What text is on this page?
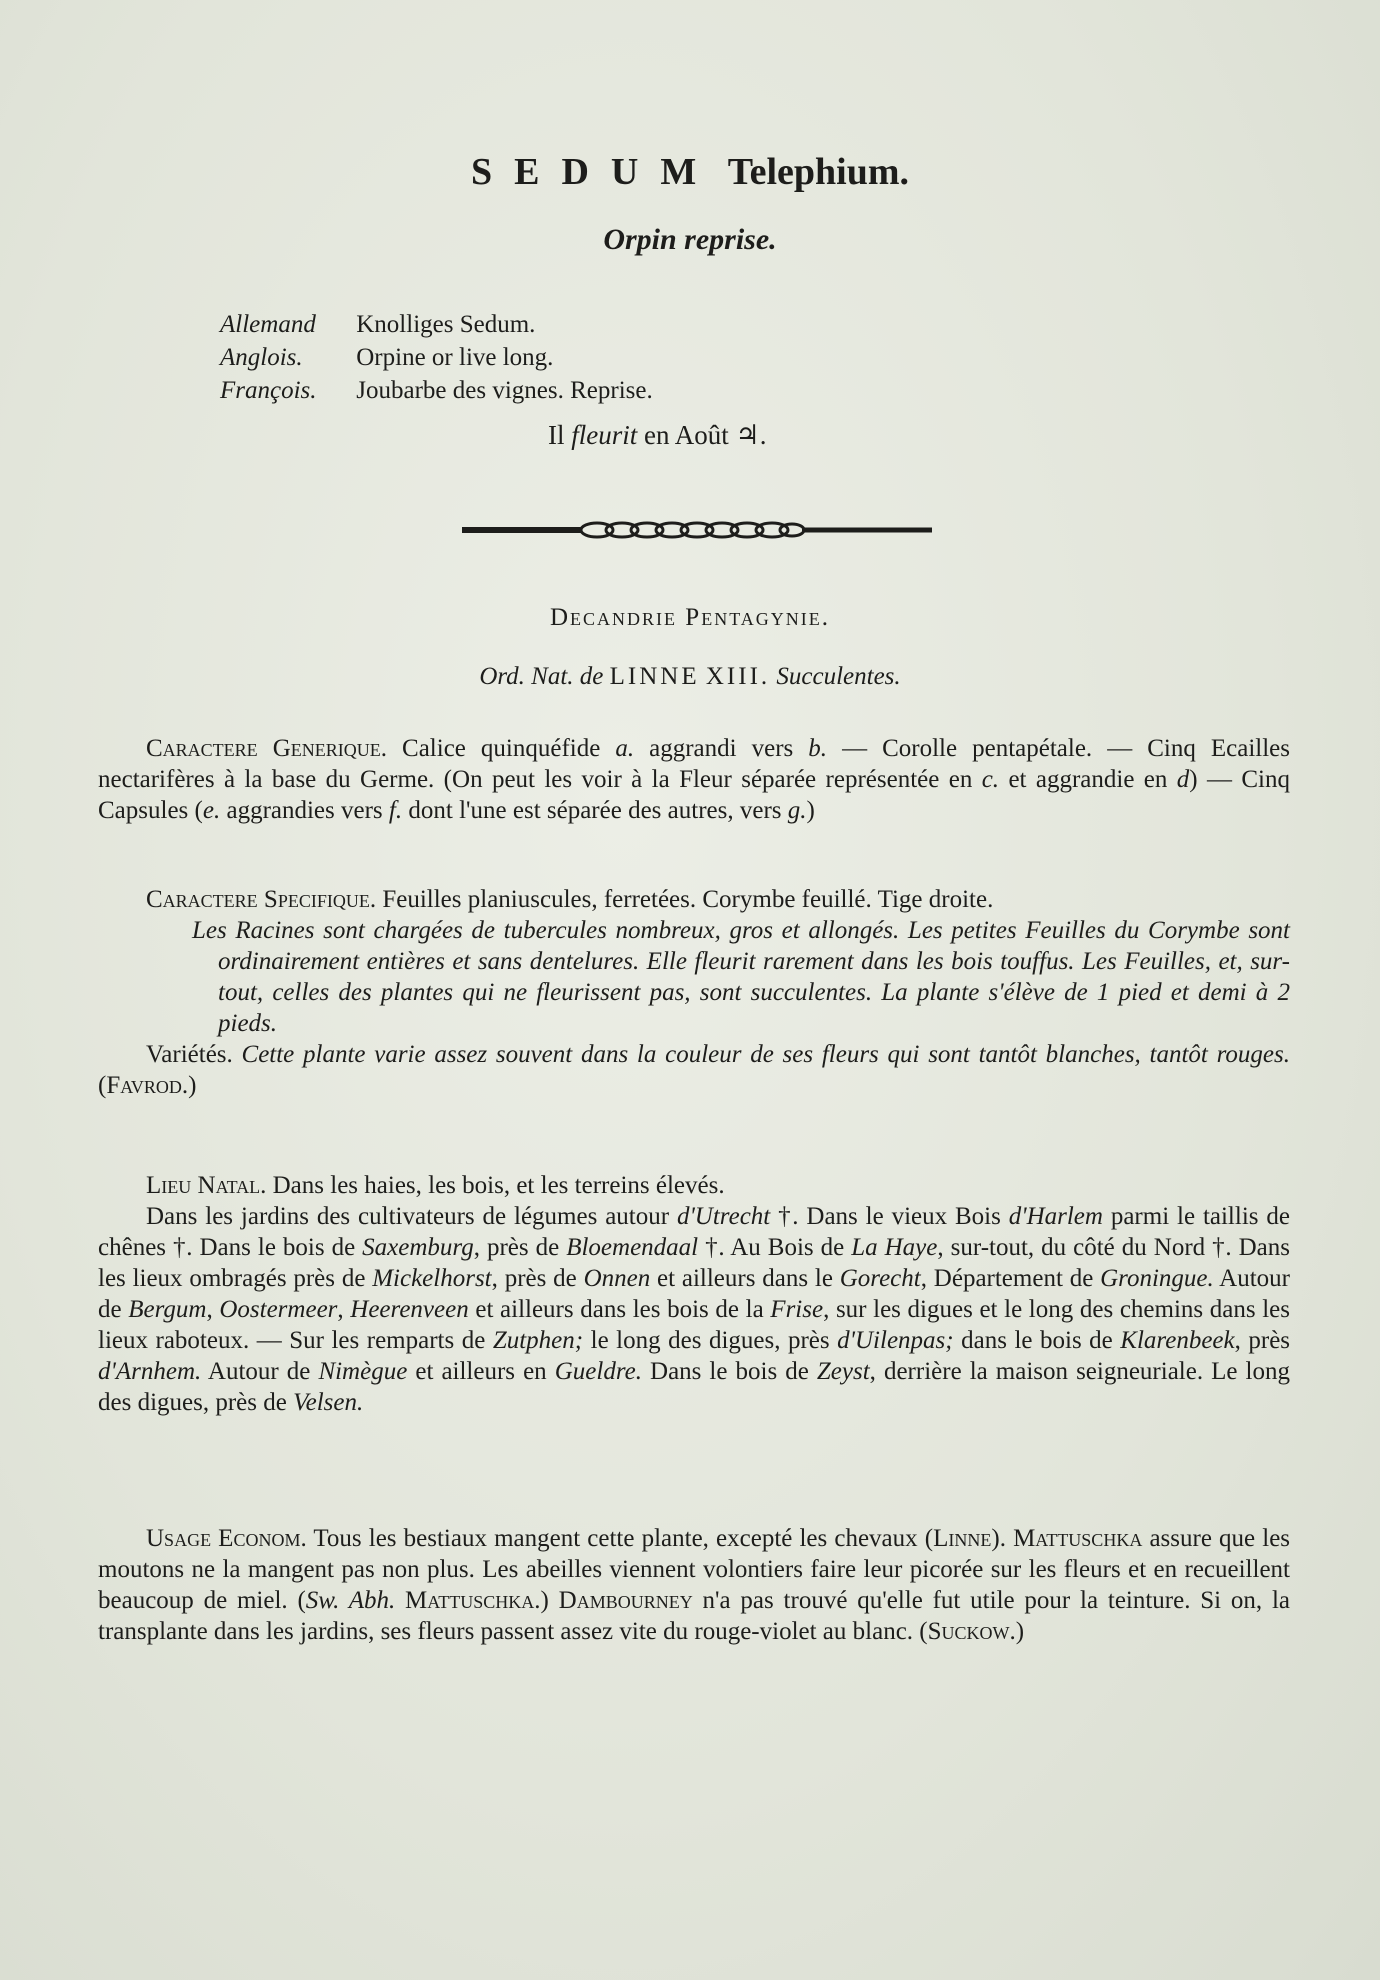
SEDUM Telephium.
Orpin reprise.
Allemand Knolliges Sedum.
Anglois. Orpine or live long.
François. Joubarbe des vignes. Reprise.
Il fleurit en Août ♃.
Decandrie Pentagynie.
Ord. Nat. de LINNE XIII. Succulentes.
Caractere Generique. Calice quinquéfide a. aggrandi vers b. — Corolle pentapétale. — Cinq Ecailles nectarifères à la base du Germe. (On peut les voir à la Fleur séparée représentée en c. et aggrandie en d) — Cinq Capsules (e. aggrandies vers f. dont l'une est séparée des autres, vers g.)
Caractere Specifique. Feuilles planiuscules, ferretées. Corymbe feuillé. Tige droite.
Les Racines sont chargées de tubercules nombreux, gros et allongés. Les petites Feuilles du Corymbe sont ordinairement entières et sans dentelures. Elle fleurit rarement dans les bois touffus. Les Feuilles, et, sur-tout, celles des plantes qui ne fleurissent pas, sont succulentes. La plante s'élève de 1 pied et demi à 2 pieds.
Variétés. Cette plante varie assez souvent dans la couleur de ses fleurs qui sont tantôt blanches, tantôt rouges. (Favrod.)
Lieu Natal. Dans les haies, les bois, et les terreins élevés.
Dans les jardins des cultivateurs de légumes autour d'Utrecht †. Dans le vieux Bois d'Harlem parmi le taillis de chênes †. Dans le bois de Saxemburg, près de Bloemendaal †. Au Bois de La Haye, sur-tout, du côté du Nord †. Dans les lieux ombragés près de Mickelhorst, près de Onnen et ailleurs dans le Gorecht, Département de Groningue. Autour de Bergum, Oostermeer, Heerenveen et ailleurs dans les bois de la Frise, sur les digues et le long des chemins dans les lieux raboteux. — Sur les remparts de Zutphen; le long des digues, près d'Uilenpas; dans le bois de Klarenbeek, près d'Arnhem. Autour de Nimègue et ailleurs en Gueldre. Dans le bois de Zeyst, derrière la maison seigneuriale. Le long des digues, près de Velsen.
Usage Econom. Tous les bestiaux mangent cette plante, excepté les chevaux (Linne). Mattuschka assure que les moutons ne la mangent pas non plus. Les abeilles viennent volontiers faire leur picorée sur les fleurs et en recueillent beaucoup de miel. (Sw. Abh. Mattuschka.) Dambourney n'a pas trouvé qu'elle fut utile pour la teinture. Si on, la transplante dans les jardins, ses fleurs passent assez vite du rouge-violet au blanc. (Suckow.)
